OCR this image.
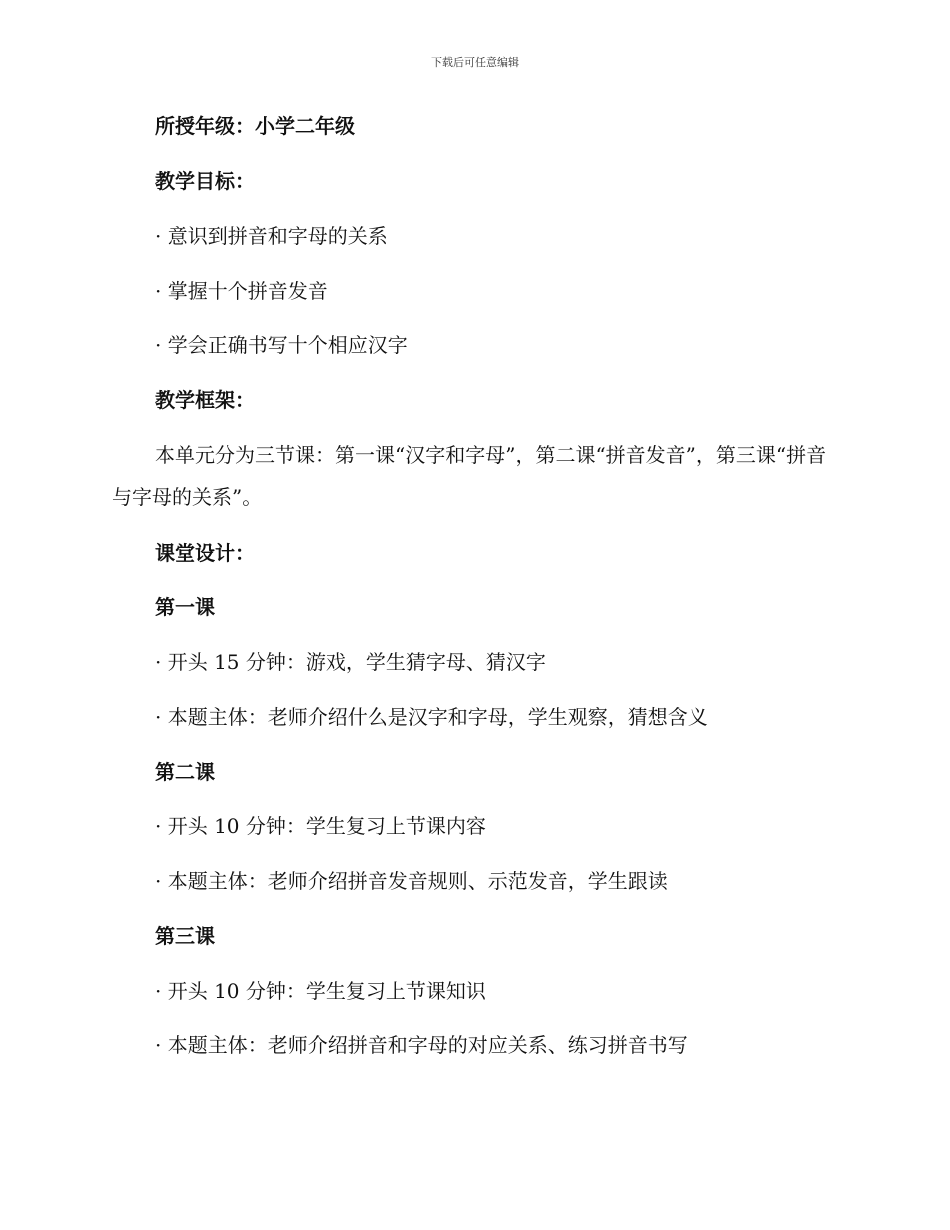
下载后可任意编辑
所授年级：小学二年级
教学目标：
· 意识到拼音和字母的关系
· 掌握十个拼音发音
· 学会正确书写十个相应汉字
教学框架：
本单元分为三节课：第一课“汉字和字母”，第二课“拼音发音”，第三课“拼音与字母的关系”。
课堂设计：
第一课
· 开头 15 分钟：游戏，学生猜字母、猜汉字
· 本题主体：老师介绍什么是汉字和字母，学生观察，猜想含义
第二课
· 开头 10 分钟：学生复习上节课内容
· 本题主体：老师介绍拼音发音规则、示范发音，学生跟读
第三课
· 开头 10 分钟：学生复习上节课知识
· 本题主体：老师介绍拼音和字母的对应关系、练习拼音书写
